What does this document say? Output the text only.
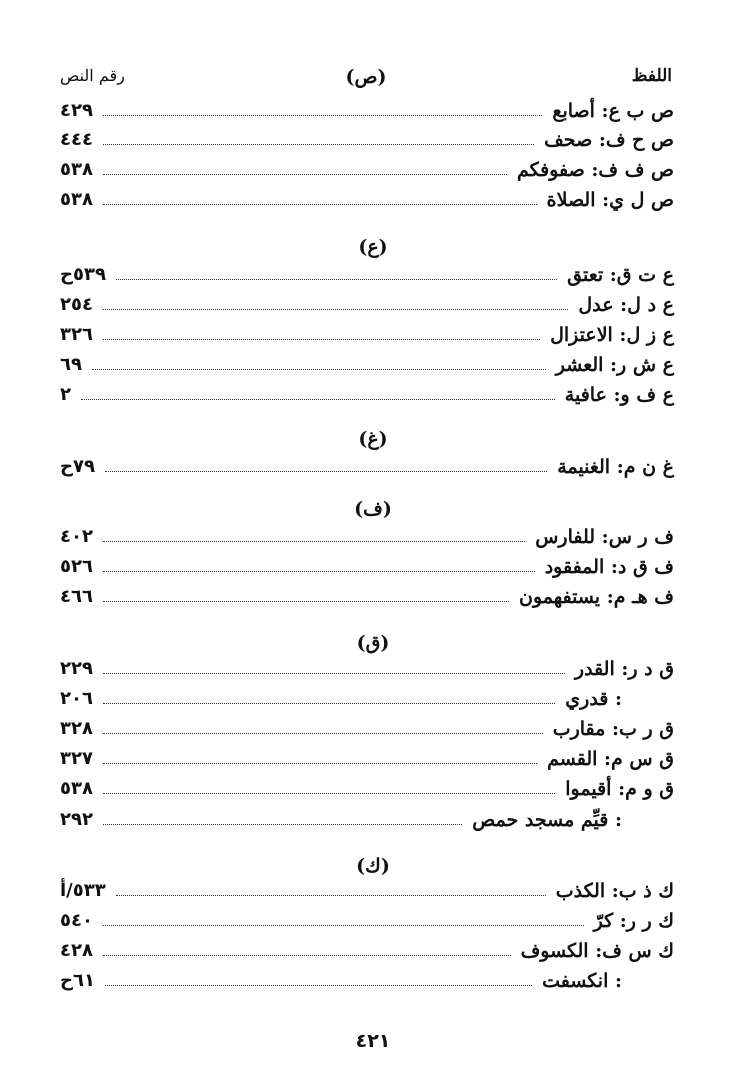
اللفظ
(ص)
رقم النص
ص ب ع: أصابع
٤٢٩
ص ح ف: صحف
٤٤٤
ص ف ف: صفوفكم
٥٣٨
ص ل ي: الصلاة
٥٣٨
(ع)
ع ت ق: تعتق
٥٣٩ح
ع د ل: عدل
٢٥٤
ع ز ل: الاعتزال
٣٢٦
ع ش ر: العشر
٦٩
ع ف و: عافية
٢
(غ)
غ ن م: الغنيمة
٧٩ح
(ف)
ف ر س: للفارس
٤٠٢
ف ق د: المفقود
٥٢٦
ف هـ م: يستفهمون
٤٦٦
(ق)
ق د ر: القدر
٢٢٩
: قدري
٢٠٦
ق ر ب: مقارب
٣٢٨
ق س م: القسم
٣٢٧
ق و م: أقيموا
٥٣٨
: قيِّم مسجد حمص
٢٩٢
(ك)
ك ذ ب: الكذب
٥٣٣/أ
ك ر ر: كرّ
٥٤٠
ك س ف: الكسوف
٤٢٨
: انكسفت
٦١ح
٤٢١
